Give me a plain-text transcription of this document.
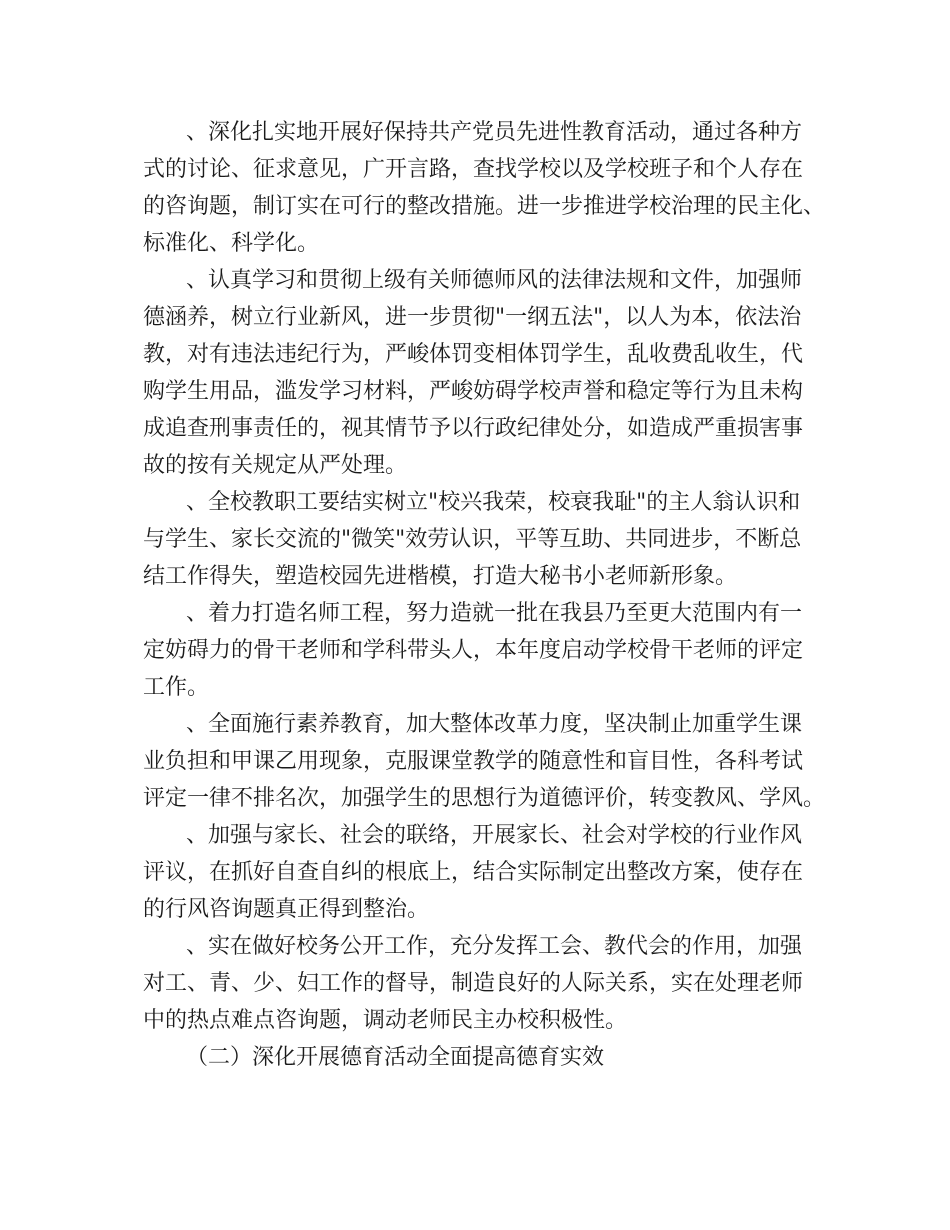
、深化扎实地开展好保持共产党员先进性教育活动，通过各种方
式的讨论、征求意见，广开言路，查找学校以及学校班子和个人存在
的咨询题，制订实在可行的整改措施。进一步推进学校治理的民主化、
标准化、科学化。
、认真学习和贯彻上级有关师德师风的法律法规和文件，加强师
德涵养，树立行业新风，进一步贯彻"一纲五法"，以人为本，依法治
教，对有违法违纪行为，严峻体罚变相体罚学生，乱收费乱收生，代
购学生用品，滥发学习材料，严峻妨碍学校声誉和稳定等行为且未构
成追查刑事责任的，视其情节予以行政纪律处分，如造成严重损害事
故的按有关规定从严处理。
、全校教职工要结实树立"校兴我荣，校衰我耻"的主人翁认识和
与学生、家长交流的"微笑"效劳认识，平等互助、共同进步，不断总
结工作得失，塑造校园先进楷模，打造大秘书小老师新形象。
、着力打造名师工程，努力造就一批在我县乃至更大范围内有一
定妨碍力的骨干老师和学科带头人，本年度启动学校骨干老师的评定
工作。
、全面施行素养教育，加大整体改革力度，坚决制止加重学生课
业负担和甲课乙用现象，克服课堂教学的随意性和盲目性，各科考试
评定一律不排名次，加强学生的思想行为道德评价，转变教风、学风。
、加强与家长、社会的联络，开展家长、社会对学校的行业作风
评议，在抓好自查自纠的根底上，结合实际制定出整改方案，使存在
的行风咨询题真正得到整治。
、实在做好校务公开工作，充分发挥工会、教代会的作用，加强
对工、青、少、妇工作的督导，制造良好的人际关系，实在处理老师
中的热点难点咨询题，调动老师民主办校积极性。
（二）深化开展德育活动全面提高德育实效
